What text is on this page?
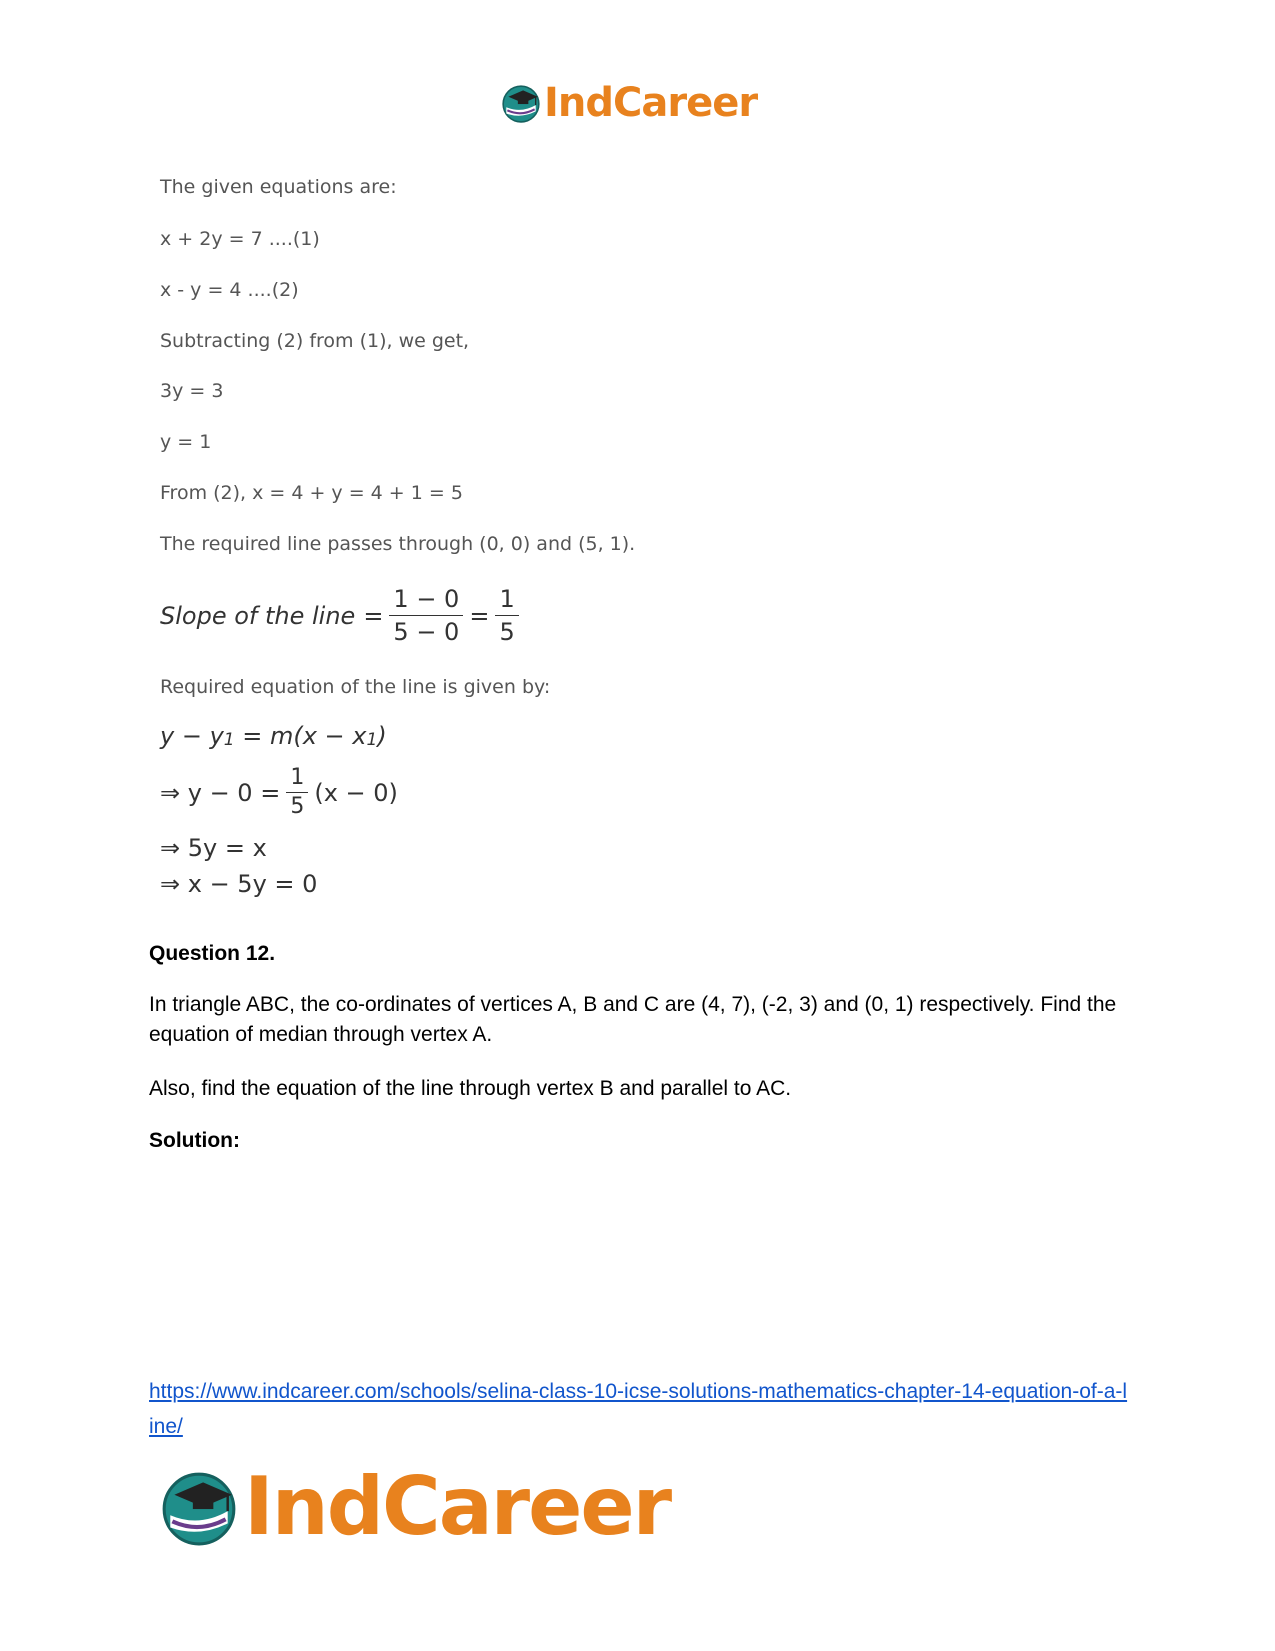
IndCareer
The given equations are:
x + 2y = 7 ....(1)
x - y = 4 ....(2)
Subtracting (2) from (1), we get,
3y = 3
y = 1
From (2), x = 4 + y = 4 + 1 = 5
The required line passes through (0, 0) and (5, 1).
Slope of the line = $\frac{1 - 0}{5 - 0} = \frac{1}{5}$
Required equation of the line is given by:
$y - y_1 = m(x - x_1$ )
⇒ $y - 0 = \frac{1}{5} (x - 0)$
⇒ 5y = x
⇒ x − 5y = 0
Question 12.
In triangle ABC, the co-ordinates of vertices A, B and C are (4, 7), (-2, 3) and (0, 1) respectively. Find the equation of median through vertex A.
Also, find the equation of the line through vertex B and parallel to AC.
Solution:
https://www.indcareer.com/schools/selina-class-10-icse-solutions-mathematics-chapter-14-equation-of-a-line/
IndCareer
